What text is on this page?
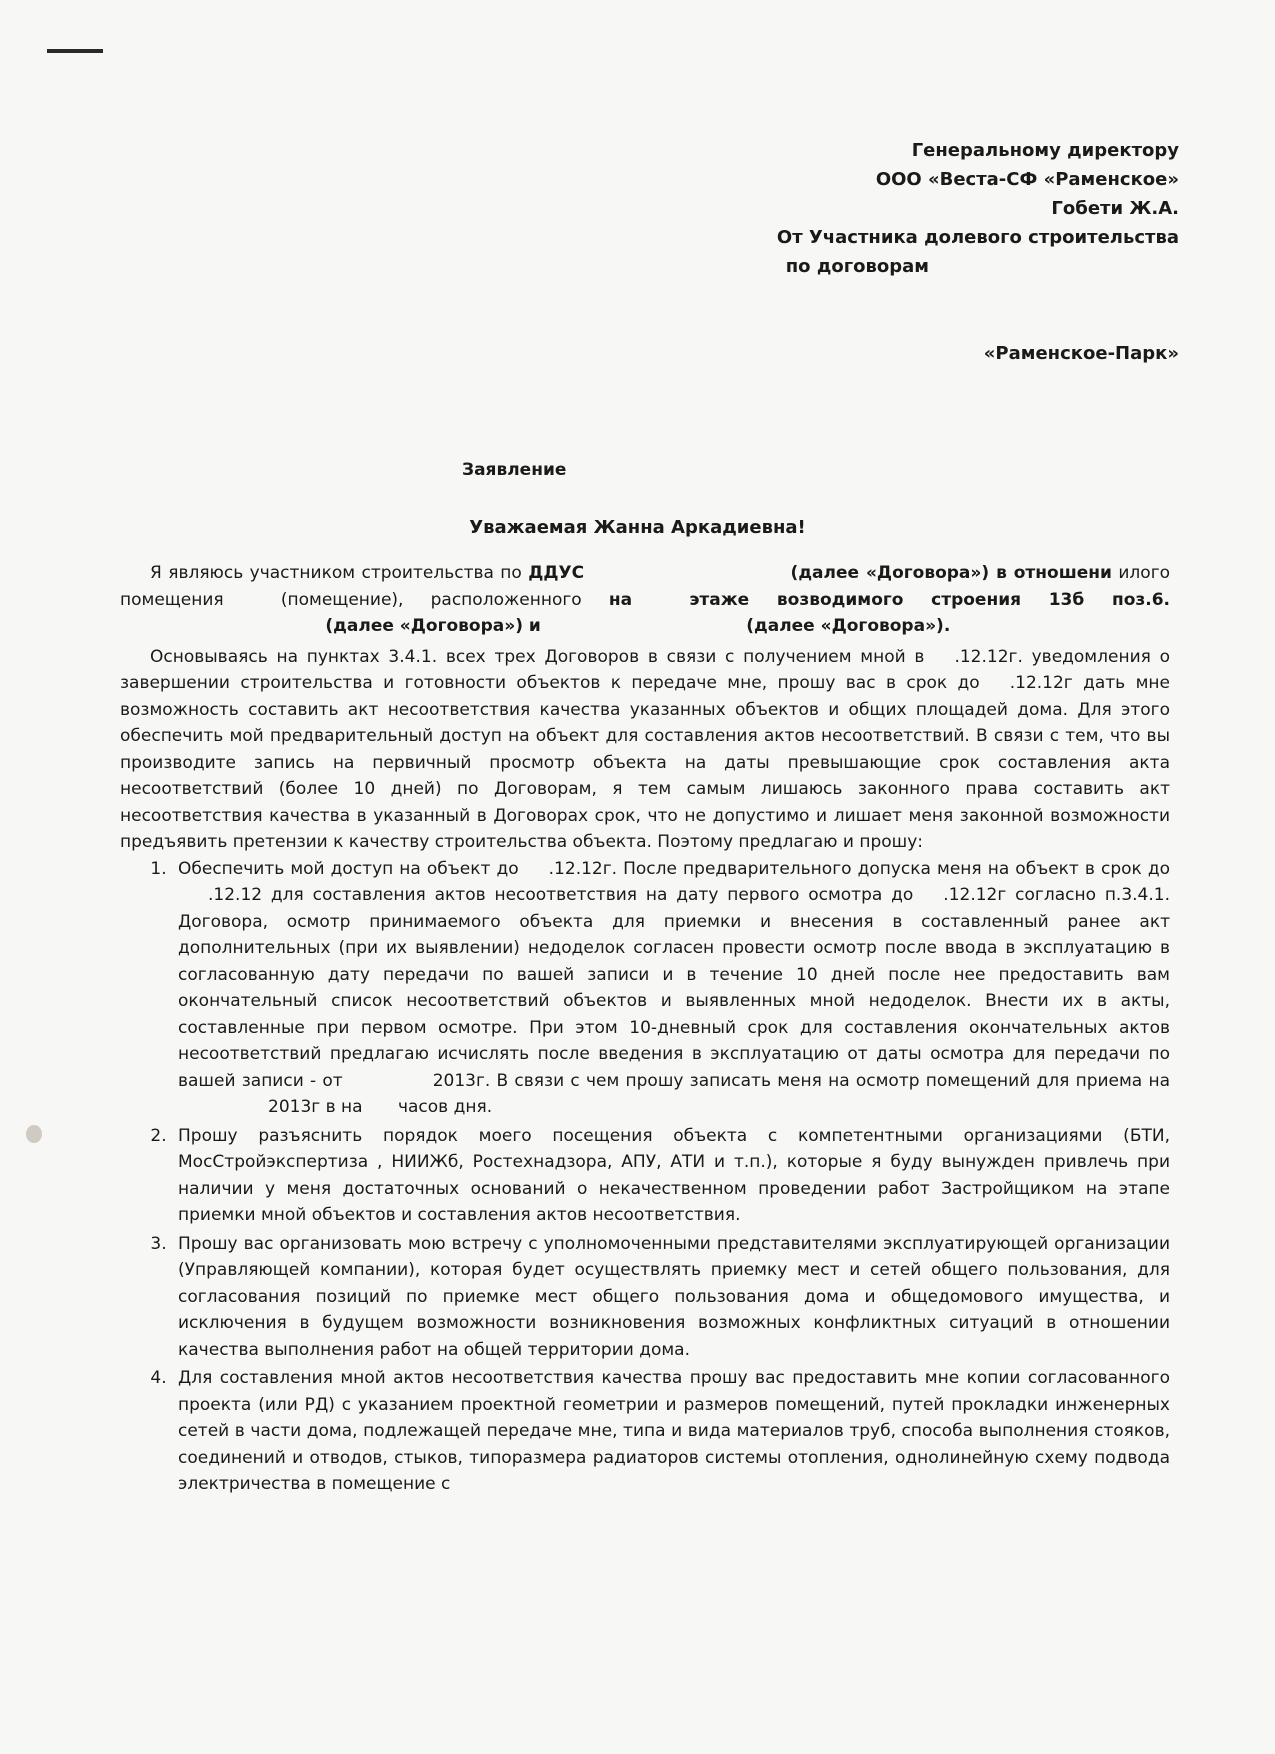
Генеральному директору
ООО «Веста-СФ «Раменское»
Гобети Ж.А.
От Участника долевого строительства
по договорам

«Раменское-Парк»
Заявление
Уважаемая Жанна Аркадиевна!

Я являюсь участником строительства по ДДУС	(далее «Договора») в отношени илого помещения	(помещение), расположенного на	этаже возводимого строения 13б поз.6. (далее «Договора») и	(далее «Договора»).

Основываясь на пунктах 3.4.1. всех трех Договоров в связи с получением мной в .12.12г. уведомления о завершении строительства и готовности объектов к передаче мне, прошу вас в срок до .12.12г дать мне возможность составить акт несоответствия качества указанных объектов и общих площадей дома. Для этого обеспечить мой предварительный доступ на объект для составления актов несоответствий. В связи с тем, что вы производите запись на первичный просмотр объекта на даты превышающие срок составления акта несоответствий (более 10 дней) по Договорам, я тем самым лишаюсь законного права составить акт несоответствия качества в указанный в Договорах срок, что не допустимо и лишает меня законной возможности предъявить претензии к качеству строительства объекта. Поэтому предлагаю и прошу:

1. Обеспечить мой доступ на объект до .12.12г. После предварительного допуска меня на объект в срок до.12.12 для составления актов несоответствия на дату первого осмотра до .12.12г согласно п.3.4.1. Договора, осмотр принимаемого объекта для приемки и внесения в составленный ранее акт дополнительных (при их выявлении) недоделок согласен провести осмотр после ввода в эксплуатацию в согласованную дату передачи по вашей записи и в течение 10 дней после нее предоставить вам окончательный список несоответствий объектов и выявленных мной недоделок. Внести их в акты, составленные при первом осмотре. При этом 10-дневный срок для составления окончательных актов несоответствий предлагаю исчислять после введения в эксплуатацию от даты осмотра для передачи по вашей записи - от	2013г. В связи с чем прошу записать меня на осмотр помещений для приема на2013г в на часов дня.
2. Прошу разъяснить порядок моего посещения объекта с компетентными организациями (БТИ, МосСтройэкспертиза , НИИЖб, Ростехнадзора, АПУ, АТИ и т.п.), которые я буду вынужден привлечь при наличии у меня достаточных оснований о некачественном проведении работ Застройщиком на этапе приемки мной объектов и составления актов несоответствия.
3. Прошу вас организовать мою встречу с уполномоченными представителями эксплуатирующей организации (Управляющей компании), которая будет осуществлять приемку мест и сетей общего пользования, для согласования позиций по приемке мест общего пользования дома и общедомового имущества, и исключения в будущем возможности возникновения возможных конфликтных ситуаций в отношении качества выполнения работ на общей территории дома.
4. Для составления мной актов несоответствия качества прошу вас предоставить мне копии согласованного проекта (или РД) с указанием проектной геометрии и размеров помещений, путей прокладки инженерных сетей в части дома, подлежащей передаче мне, типа и вида материалов труб, способа выполнения стояков, соединений и отводов, стыков, типоразмера радиаторов системы отопления, однолинейную схему подвода электричества в помещение с
